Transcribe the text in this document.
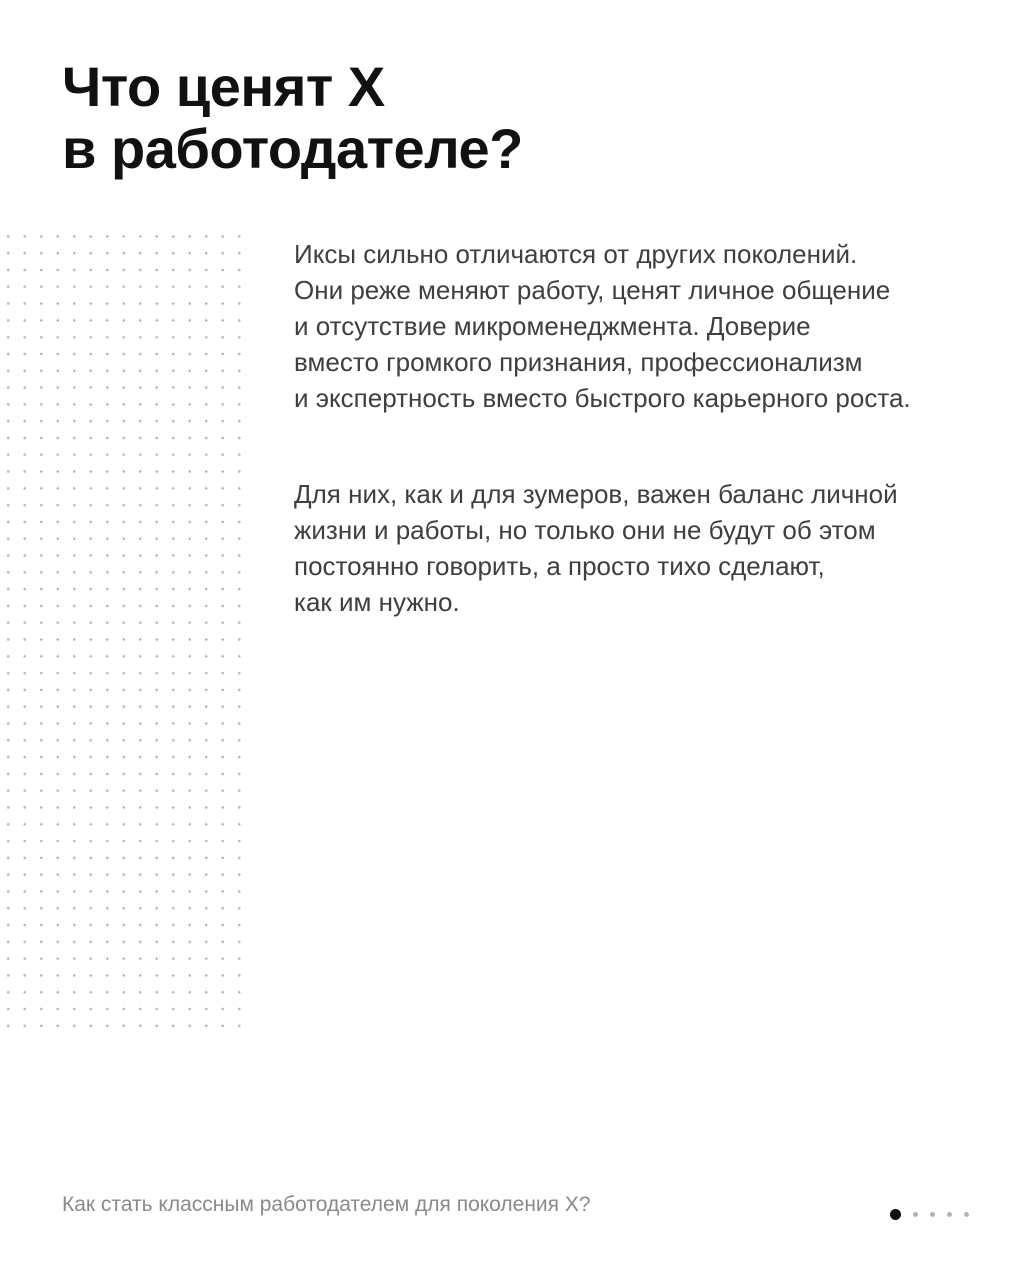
Что ценят X
в работодателе?

Иксы сильно отличаются от других поколений.
Они реже меняют работу, ценят личное общение
и отсутствие микроменеджмента. Доверие
вместо громкого признания, профессионализм
и экспертность вместо быстрого карьерного роста.

Для них, как и для зумеров, важен баланс личной
жизни и работы, но только они не будут об этом
постоянно говорить, а просто тихо сделают,
как им нужно.

Как стать классным работодателем для поколения X?
